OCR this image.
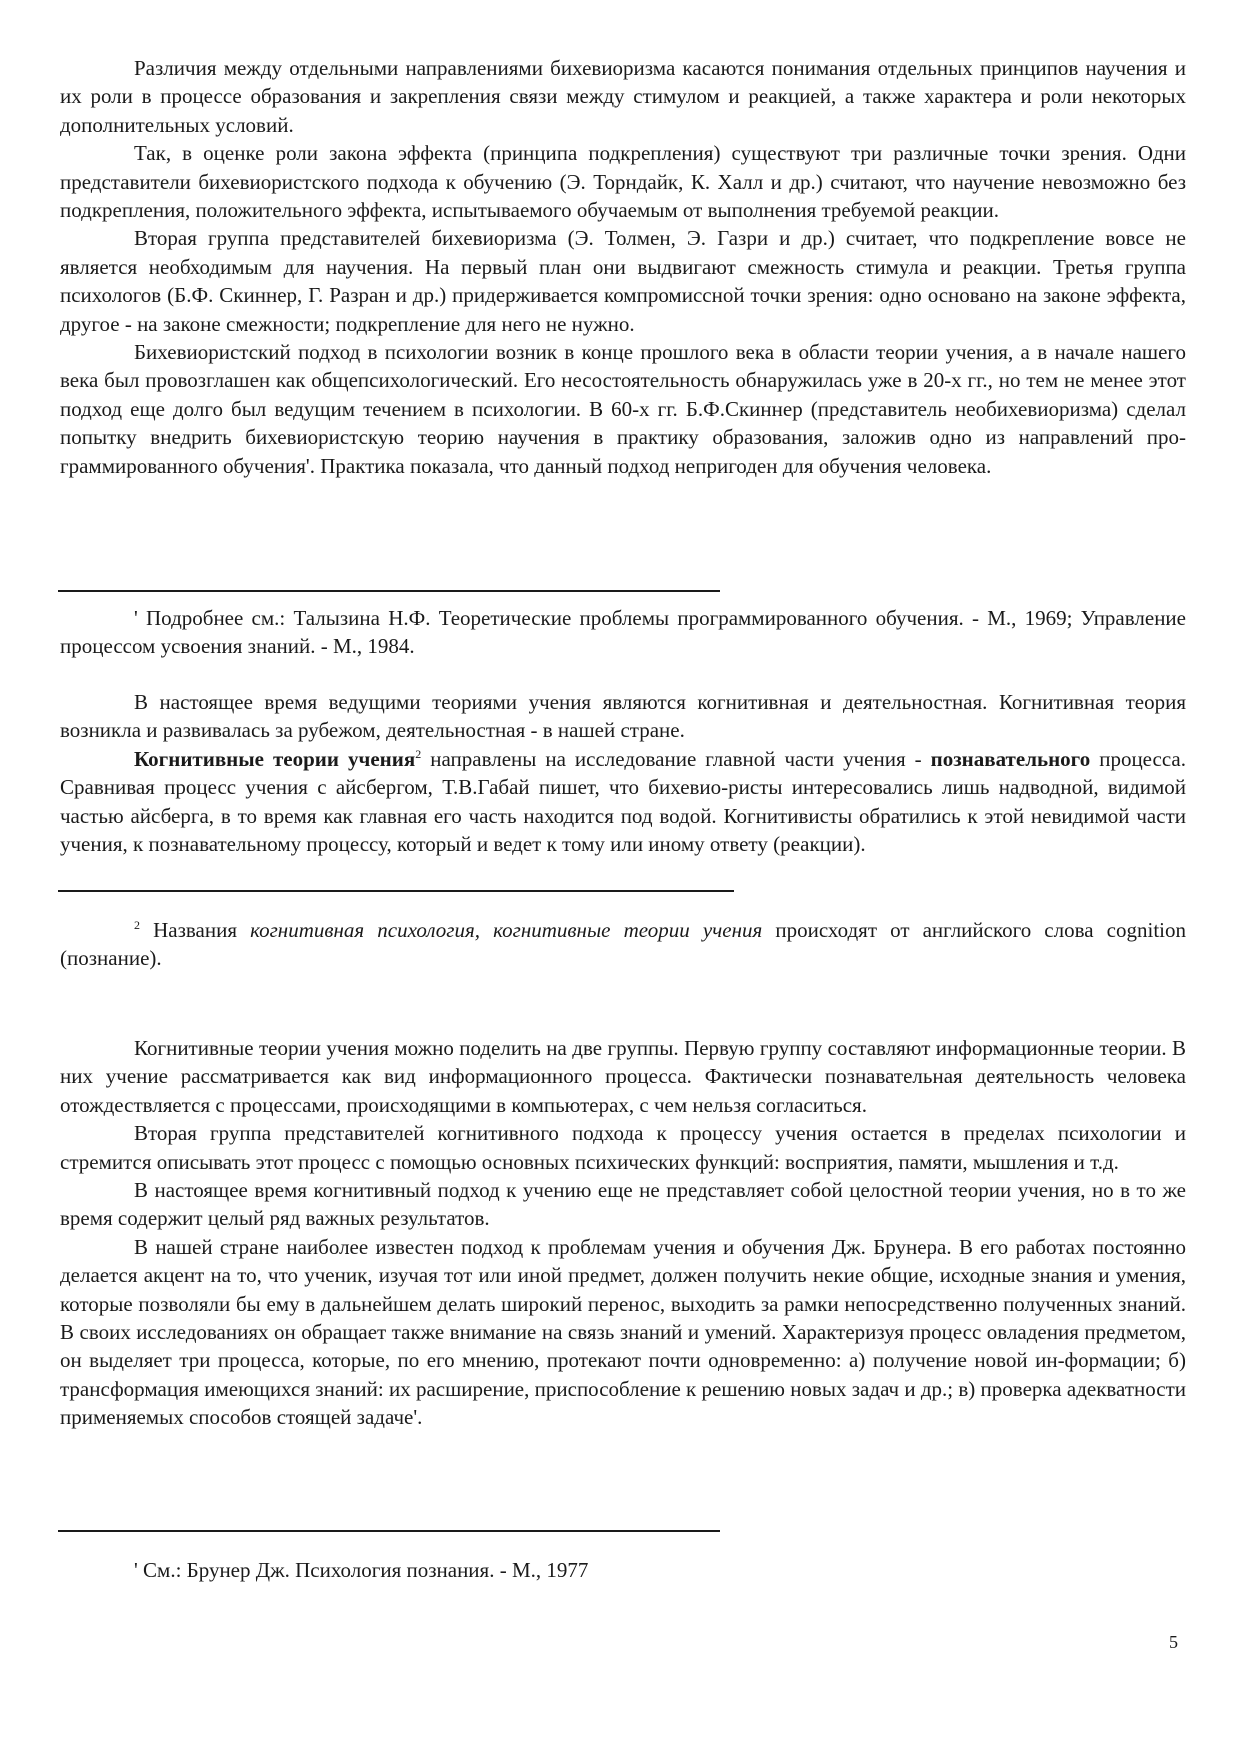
Различия между отдельными направлениями бихевиоризма касаются понимания отдельных принципов научения и их роли в процессе образования и закрепления связи между стимулом и реакцией, а также характера и роли некоторых дополнительных условий.

Так, в оценке роли закона эффекта (принципа подкрепления) существуют три различные точки зрения. Одни представители бихевиористского подхода к обучению (Э. Торндайк, К. Халл и др.) считают, что научение невозможно без подкрепления, положительного эффекта, испытываемого обучаемым от выполнения требуемой реакции.

Вторая группа представителей бихевиоризма (Э. Толмен, Э. Газри и др.) считает, что подкрепление вовсе не является необходимым для научения. На первый план они выдвигают смежность стимула и реакции. Третья группа психологов (Б.Ф. Скиннер, Г. Разран и др.) придерживается компромиссной точки зрения: одно основано на законе эффекта, другое - на законе смежности; подкрепление для него не нужно.

Бихевиористский подход в психологии возник в конце прошлого века в области теории учения, а в начале нашего века был провозглашен как общепсихологический. Его несостоятельность обнаружилась уже в 20-х гг., но тем не менее этот подход еще долго был ведущим течением в психологии. В 60-х гг. Б.Ф.Скиннер (представитель необихевиоризма) сделал попытку внедрить бихевиористскую теорию научения в практику образования, заложив одно из направлений про-граммированного обучения'. Практика показала, что данный подход непригоден для обучения человека.

' Подробнее см.: Талызина Н.Ф. Теоретические проблемы программированного обучения. - М., 1969; Управление процессом усвоения знаний. - М., 1984.

В настоящее время ведущими теориями учения являются когнитивная и деятельностная. Когнитивная теория возникла и развивалась за рубежом, деятельностная - в нашей стране.

Когнитивные теории учения$^2$ направлены на исследование главной части учения - познавательного процесса. Сравнивая процесс учения с айсбергом, Т.В.Габай пишет, что бихевио-ристы интересовались лишь надводной, видимой частью айсберга, в то время как главная его часть находится под водой. Когнитивисты обратились к этой невидимой части учения, к познавательному процессу, который и ведет к тому или иному ответу (реакции).

$^2$ Названия когнитивная психология, когнитивные теории учения происходят от английского слова cognition (познание).

Когнитивные теории учения можно поделить на две группы. Первую группу составляют информационные теории. В них учение рассматривается как вид информационного процесса. Фактически познавательная деятельность человека отождествляется с процессами, происходящими в компьютерах, с чем нельзя согласиться.

Вторая группа представителей когнитивного подхода к процессу учения остается в пределах психологии и стремится описывать этот процесс с помощью основных психических функций: восприятия, памяти, мышления и т.д.

В настоящее время когнитивный подход к учению еще не представляет собой целостной теории учения, но в то же время содержит целый ряд важных результатов.

В нашей стране наиболее известен подход к проблемам учения и обучения Дж. Брунера. В его работах постоянно делается акцент на то, что ученик, изучая тот или иной предмет, должен получить некие общие, исходные знания и умения, которые позволяли бы ему в дальнейшем делать широкий перенос, выходить за рамки непосредственно полученных знаний. В своих исследованиях он обращает также внимание на связь знаний и умений. Характеризуя процесс овладения предметом, он выделяет три процесса, которые, по его мнению, протекают почти одновременно: а) получение новой ин-формации; б) трансформация имеющихся знаний: их расширение, приспособление к решению новых задач и др.; в) проверка адекватности применяемых способов стоящей задаче'.

' См.: Брунер Дж. Психология познания. - М., 1977

5
